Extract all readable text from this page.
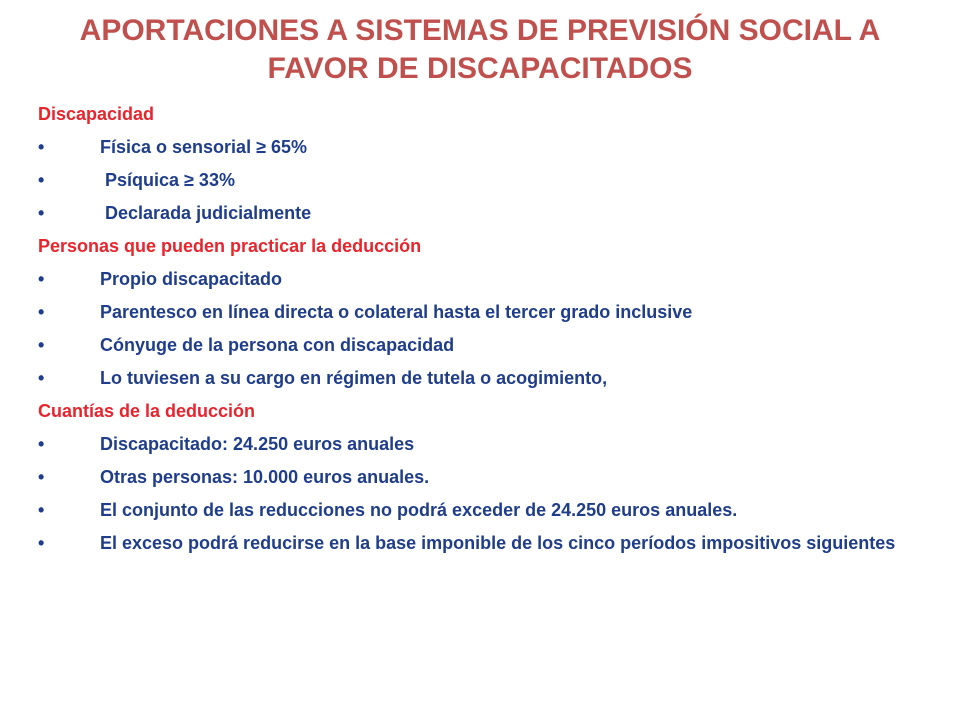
APORTACIONES A SISTEMAS DE PREVISIÓN SOCIAL A
FAVOR DE DISCAPACITADOS
Discapacidad
•	Física o sensorial ≥ 65%
•	Psíquica ≥ 33%
•	Declarada judicialmente
Personas que pueden practicar la deducción
•	Propio discapacitado
•	Parentesco en línea directa o colateral hasta el tercer grado inclusive
•	Cónyuge de la persona con discapacidad
•	Lo tuviesen a su cargo en régimen de tutela o acogimiento,
Cuantías de la deducción
•	Discapacitado: 24.250 euros anuales
•	Otras personas: 10.000 euros anuales.
•	El conjunto de las reducciones no podrá exceder de 24.250 euros anuales.
•	El exceso podrá reducirse en la base imponible de los cinco períodos impositivos siguientes
